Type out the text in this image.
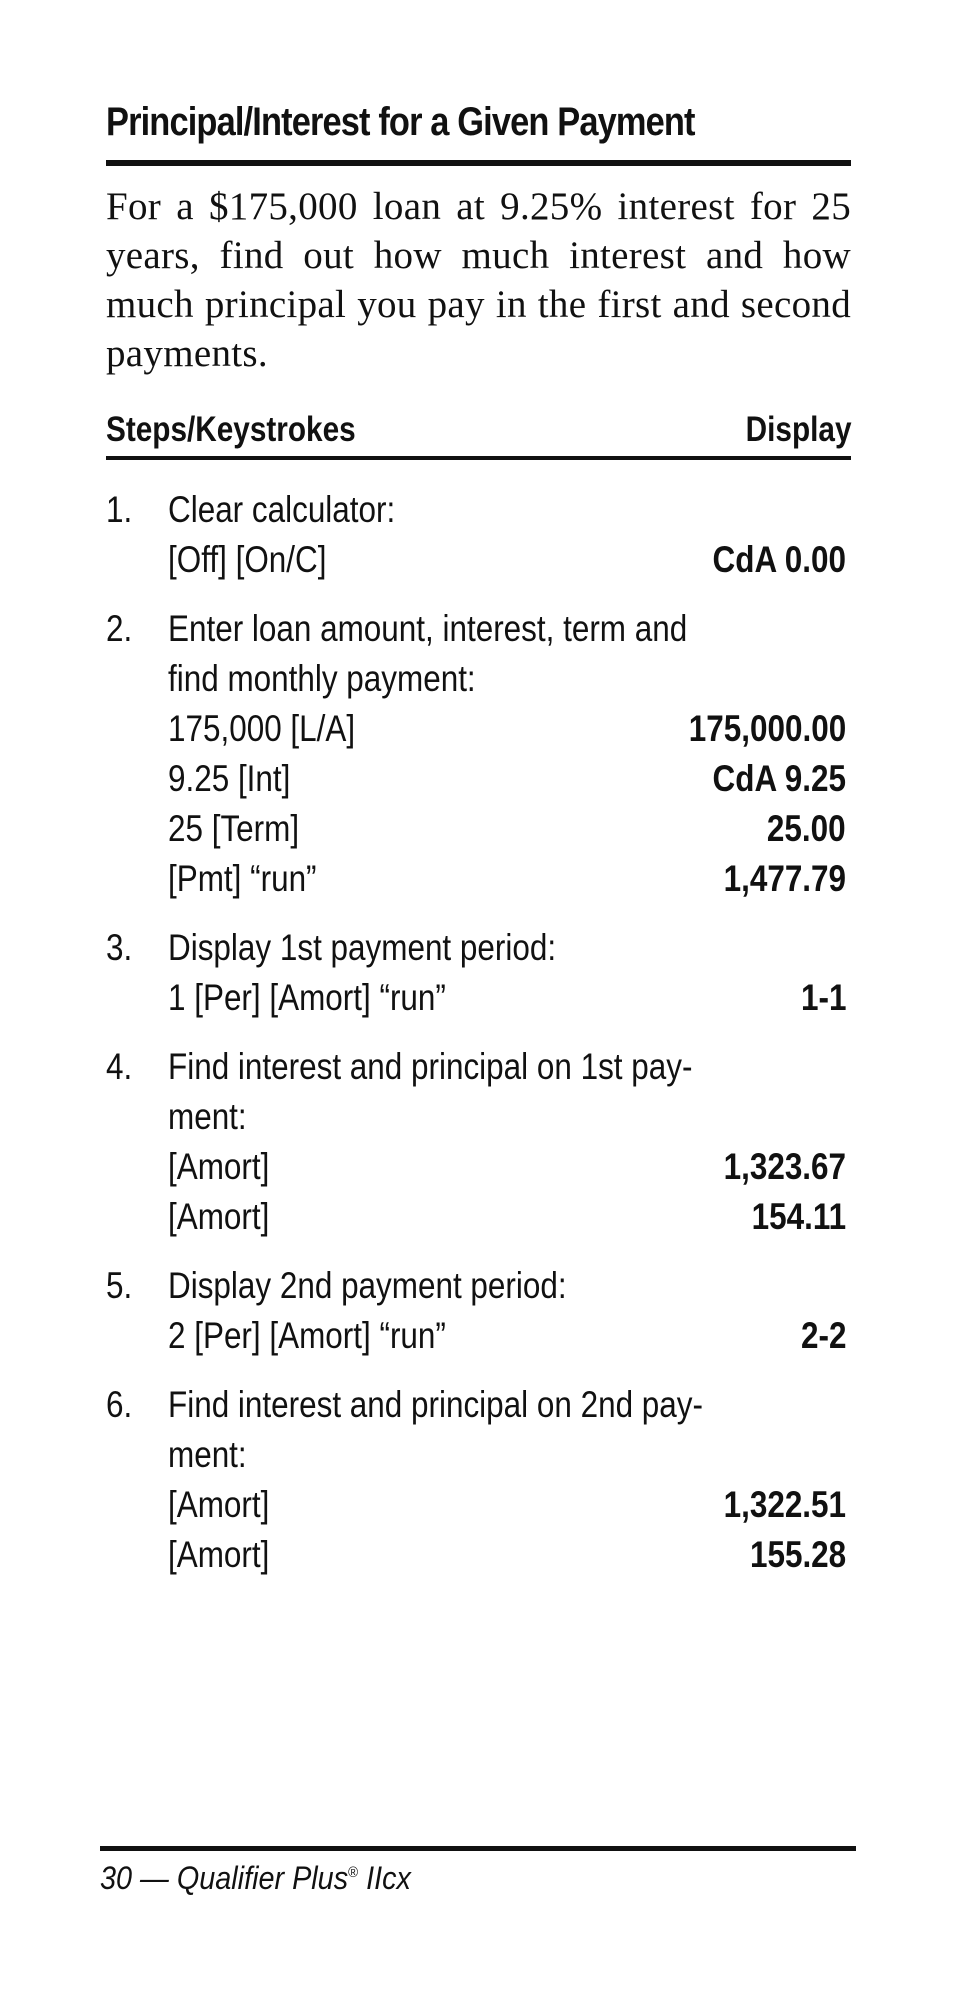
Principal/Interest for a Given Payment
For a $175,000 loan at 9.25% interest for 25 years, find out how much interest and how much principal you pay in the first and second payments.
Steps/Keystrokes	Display
1. Clear calculator:
[Off] [On/C]	CdA 0.00
2. Enter loan amount, interest, term and
find monthly payment:
175,000 [L/A]	175,000.00
9.25 [Int]	CdA 9.25
25 [Term]	25.00
[Pmt] “run”	1,477.79
3. Display 1st payment period:
1 [Per] [Amort] “run”	1-1
4. Find interest and principal on 1st pay-
ment:
[Amort]	1,323.67
[Amort]	154.11
5. Display 2nd payment period:
2 [Per] [Amort] “run”	2-2
6. Find interest and principal on 2nd pay-
ment:
[Amort]	1,322.51
[Amort]	155.28
30 — Qualifier Plus® IIcx
